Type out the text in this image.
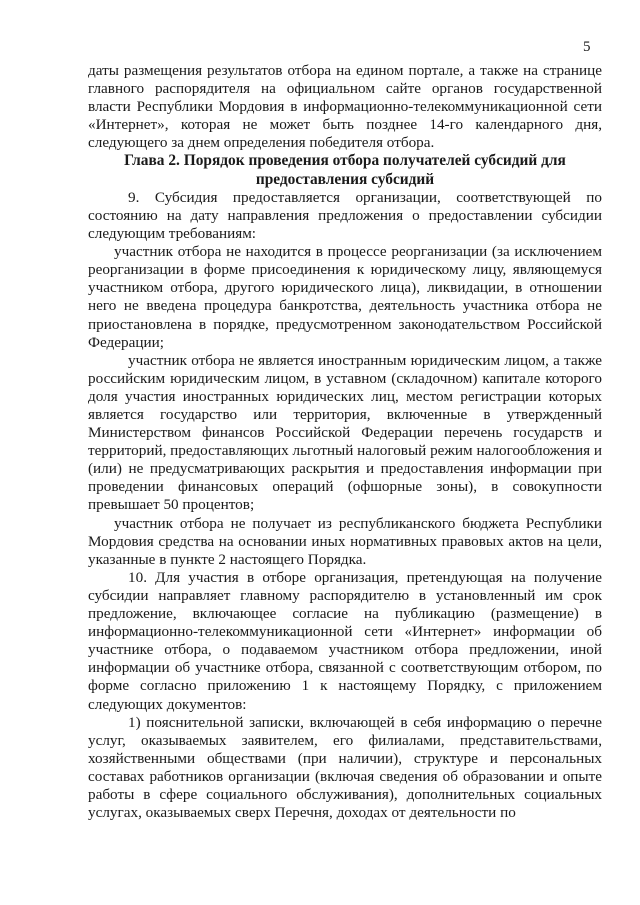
5

даты размещения результатов отбора на едином портале, а также на странице главного распорядителя на официальном сайте органов государственной власти Республики Мордовия в информационно-телекоммуникационной сети «Интернет», которая не может быть позднее 14-го календарного дня, следующего за днем определения победителя отбора.

Глава 2. Порядок проведения отбора получателей субсидий для
предоставления субсидий

9. Субсидия предоставляется организации, соответствующей по состоянию на дату направления предложения о предоставлении субсидии следующим требованиям:

участник отбора не находится в процессе реорганизации (за исключением реорганизации в форме присоединения к юридическому лицу, являющемуся участником отбора, другого юридического лица), ликвидации, в отношении него не введена процедура банкротства, деятельность участника отбора не приостановлена в порядке, предусмотренном законодательством Российской Федерации;

участник отбора не является иностранным юридическим лицом, а также российским юридическим лицом, в уставном (складочном) капитале которого доля участия иностранных юридических лиц, местом регистрации которых является государство или территория, включенные в утвержденный Министерством финансов Российской Федерации перечень государств и территорий, предоставляющих льготный налоговый режим налогообложения и (или) не предусматривающих раскрытия и предоставления информации при проведении финансовых операций (офшорные зоны), в совокупности превышает 50 процентов;

участник отбора не получает из республиканского бюджета Республики Мордовия средства на основании иных нормативных правовых актов на цели, указанные в пункте 2 настоящего Порядка.

10. Для участия в отборе организация, претендующая на получение субсидии направляет главному распорядителю в установленный им срок предложение, включающее согласие на публикацию (размещение) в информационно-телекоммуникационной сети «Интернет» информации об участнике отбора, о подаваемом участником отбора предложении, иной информации об участнике отбора, связанной с соответствующим отбором, по форме согласно приложению 1 к настоящему Порядку, с приложением следующих документов:

1) пояснительной записки, включающей в себя информацию о перечне услуг, оказываемых заявителем, его филиалами, представительствами, хозяйственными обществами (при наличии), структуре и персональных составах работников организации (включая сведения об образовании и опыте работы в сфере социального обслуживания), дополнительных социальных услугах, оказываемых сверх Перечня, доходах от деятельности по
